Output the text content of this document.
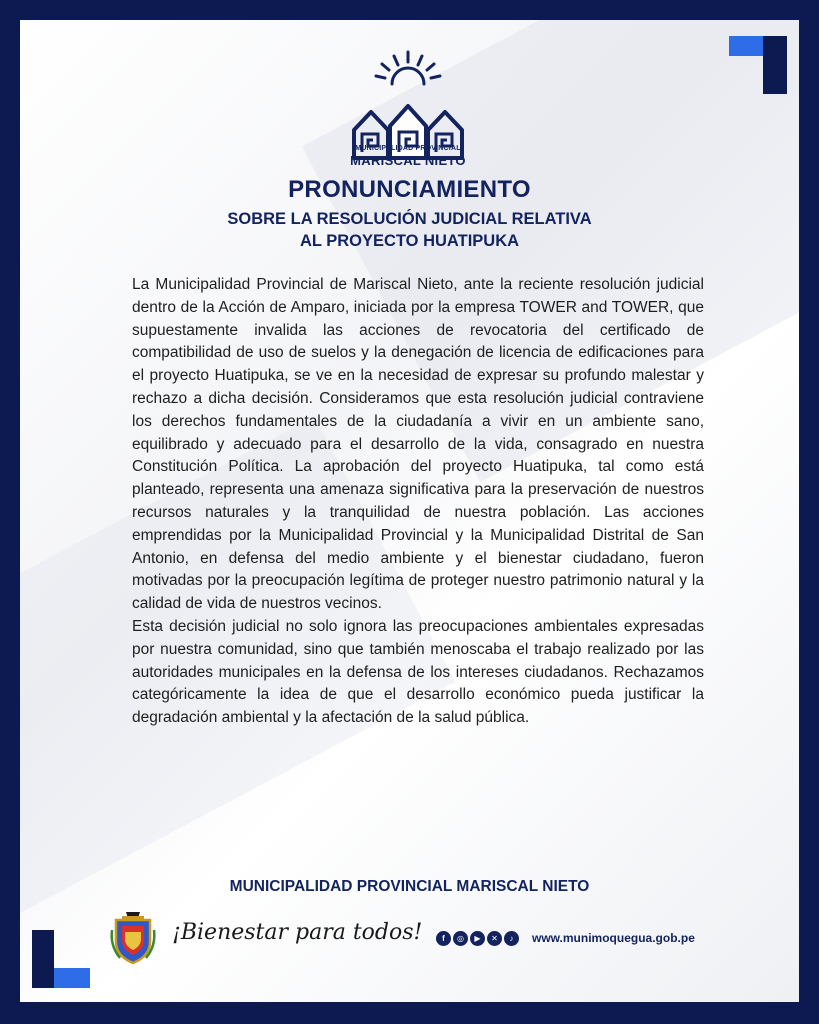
MUNICIPALIDAD PROVINCIAL
MARISCAL NIETO
PRONUNCIAMIENTO
SOBRE LA RESOLUCIÓN JUDICIAL RELATIVA
AL PROYECTO HUATIPUKA

La Municipalidad Provincial de Mariscal Nieto, ante la reciente resolución judicial dentro de la Acción de Amparo, iniciada por la empresa TOWER and TOWER, que supuestamente invalida las acciones de revocatoria del certificado de compatibilidad de uso de suelos y la denegación de licencia de edificaciones para el proyecto Huatipuka, se ve en la necesidad de expresar su profundo malestar y rechazo a dicha decisión. Consideramos que esta resolución judicial contraviene los derechos fundamentales de la ciudadanía a vivir en un ambiente sano, equilibrado y adecuado para el desarrollo de la vida, consagrado en nuestra Constitución Política. La aprobación del proyecto Huatipuka, tal como está planteado, representa una amenaza significativa para la preservación de nuestros recursos naturales y la tranquilidad de nuestra población. Las acciones emprendidas por la Municipalidad Provincial y la Municipalidad Distrital de San Antonio, en defensa del medio ambiente y el bienestar ciudadano, fueron motivadas por la preocupación legítima de proteger nuestro patrimonio natural y la calidad de vida de nuestros vecinos.

Esta decisión judicial no solo ignora las preocupaciones ambientales expresadas por nuestra comunidad, sino que también menoscaba el trabajo realizado por las autoridades municipales en la defensa de los intereses ciudadanos. Rechazamos categóricamente la idea de que el desarrollo económico pueda justificar la degradación ambiental y la afectación de la salud pública.

MUNICIPALIDAD PROVINCIAL MARISCAL NIETO
¡Bienestar para todos!	f	◎	▶	✕	♪	www.munimoquegua.gob.pe
